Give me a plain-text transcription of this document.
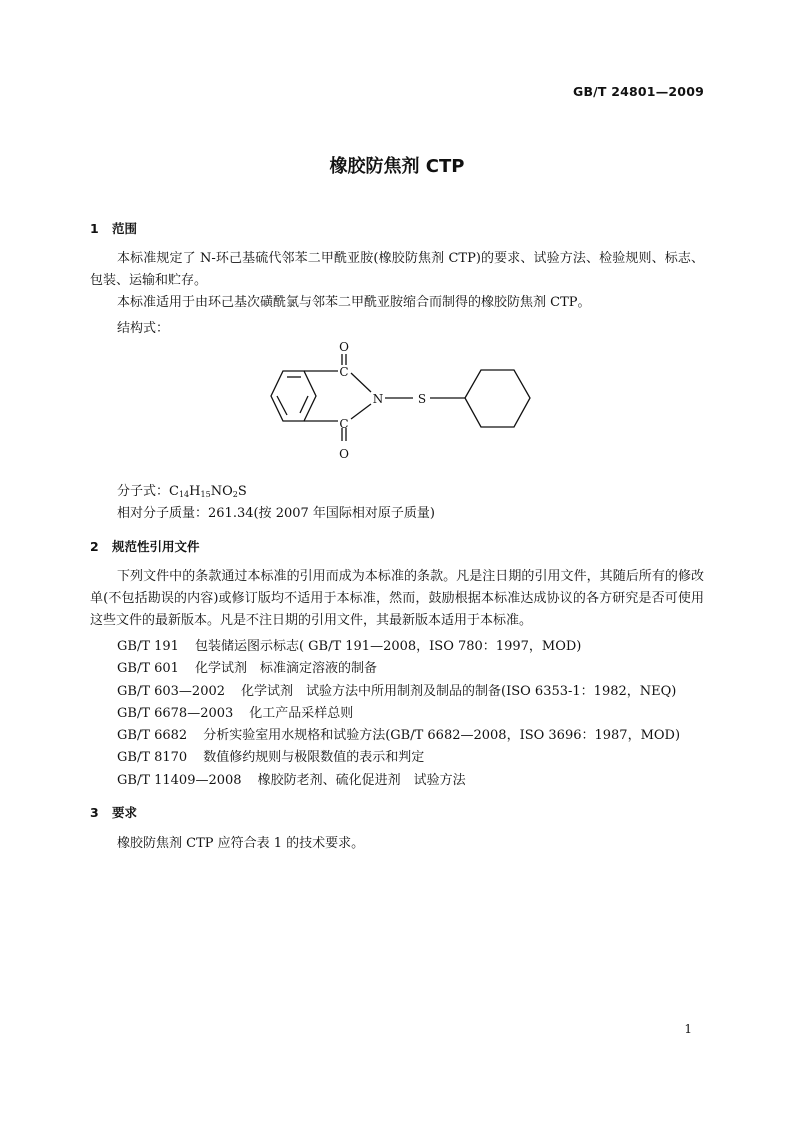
GB/T 24801—2009
橡胶防焦剂 CTP
1 范围

本标准规定了 N-环己基硫代邻苯二甲酰亚胺(橡胶防焦剂 CTP)的要求、试验方法、检验规则、标志、包装、运输和贮存。

本标准适用于由环己基次磺酰氯与邻苯二甲酰亚胺缩合而制得的橡胶防焦剂 CTP。

结构式：

O
C
N	S
C
O

分子式：$C_{14}H_{15}NO_2S$

相对分子质量：261.34(按 2007 年国际相对原子质量)

2 规范性引用文件

下列文件中的条款通过本标准的引用而成为本标准的条款。凡是注日期的引用文件，其随后所有的修改单(不包括勘误的内容)或修订版均不适用于本标准，然而，鼓励根据本标准达成协议的各方研究是否可使用这些文件的最新版本。凡是不注日期的引用文件，其最新版本适用于本标准。

GB/T 191 包装储运图示标志( GB/T 191—2008，ISO 780：1997，MOD)

GB/T 601 化学试剂　标准滴定溶液的制备

GB/T 603—2002 化学试剂　试验方法中所用制剂及制品的制备(ISO 6353-1：1982，NEQ)

GB/T 6678—2003 化工产品采样总则

GB/T 6682 分析实验室用水规格和试验方法(GB/T 6682—2008，ISO 3696：1987，MOD)

GB/T 8170 数值修约规则与极限数值的表示和判定

GB/T 11409—2008 橡胶防老剂、硫化促进剂　试验方法

3 要求

橡胶防焦剂 CTP 应符合表 1 的技术要求。

1
